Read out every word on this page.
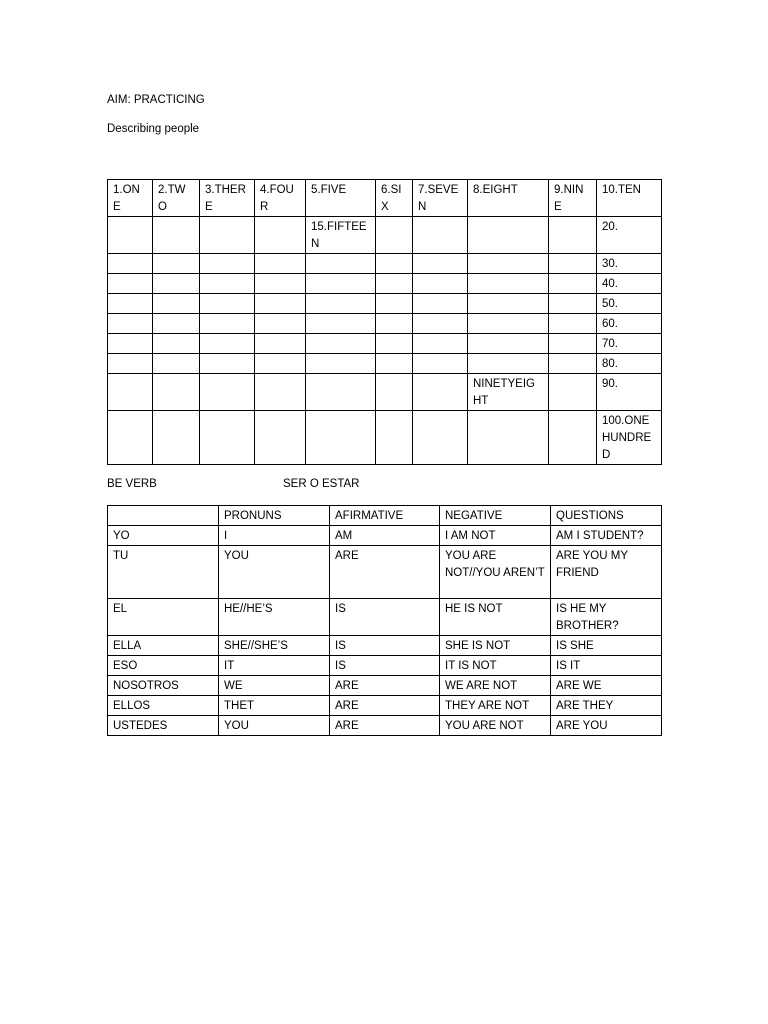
AIM: PRACTICING
Describing people
1.ONE	2.TWO	3.THERE	4.FOUR	5.FIVE	6.SIX	7.SEVEN	8.EIGHT	9.NINE	10.TEN
				15.FIFTEEN					20.
									30.
									40.
									50.
									60.
									70.
									80.
							NINETYEIGHT		90.
									100.ONE HUNDRED
BE VERB	SER O ESTAR
	PRONUNS	AFIRMATIVE	NEGATIVE	QUESTIONS
YO	I	AM	I AM NOT	AM I STUDENT?
TU	YOU	ARE	YOU ARE NOT//YOU AREN’T	ARE YOU MY FRIEND
EL	HE//HE’S	IS	HE IS NOT	IS HE MY BROTHER?
ELLA	SHE//SHE’S	IS	SHE IS NOT	IS SHE
ESO	IT	IS	IT IS NOT	IS IT
NOSOTROS	WE	ARE	WE ARE NOT	ARE WE
ELLOS	THET	ARE	THEY ARE NOT	ARE THEY
USTEDES	YOU	ARE	YOU ARE NOT	ARE YOU
